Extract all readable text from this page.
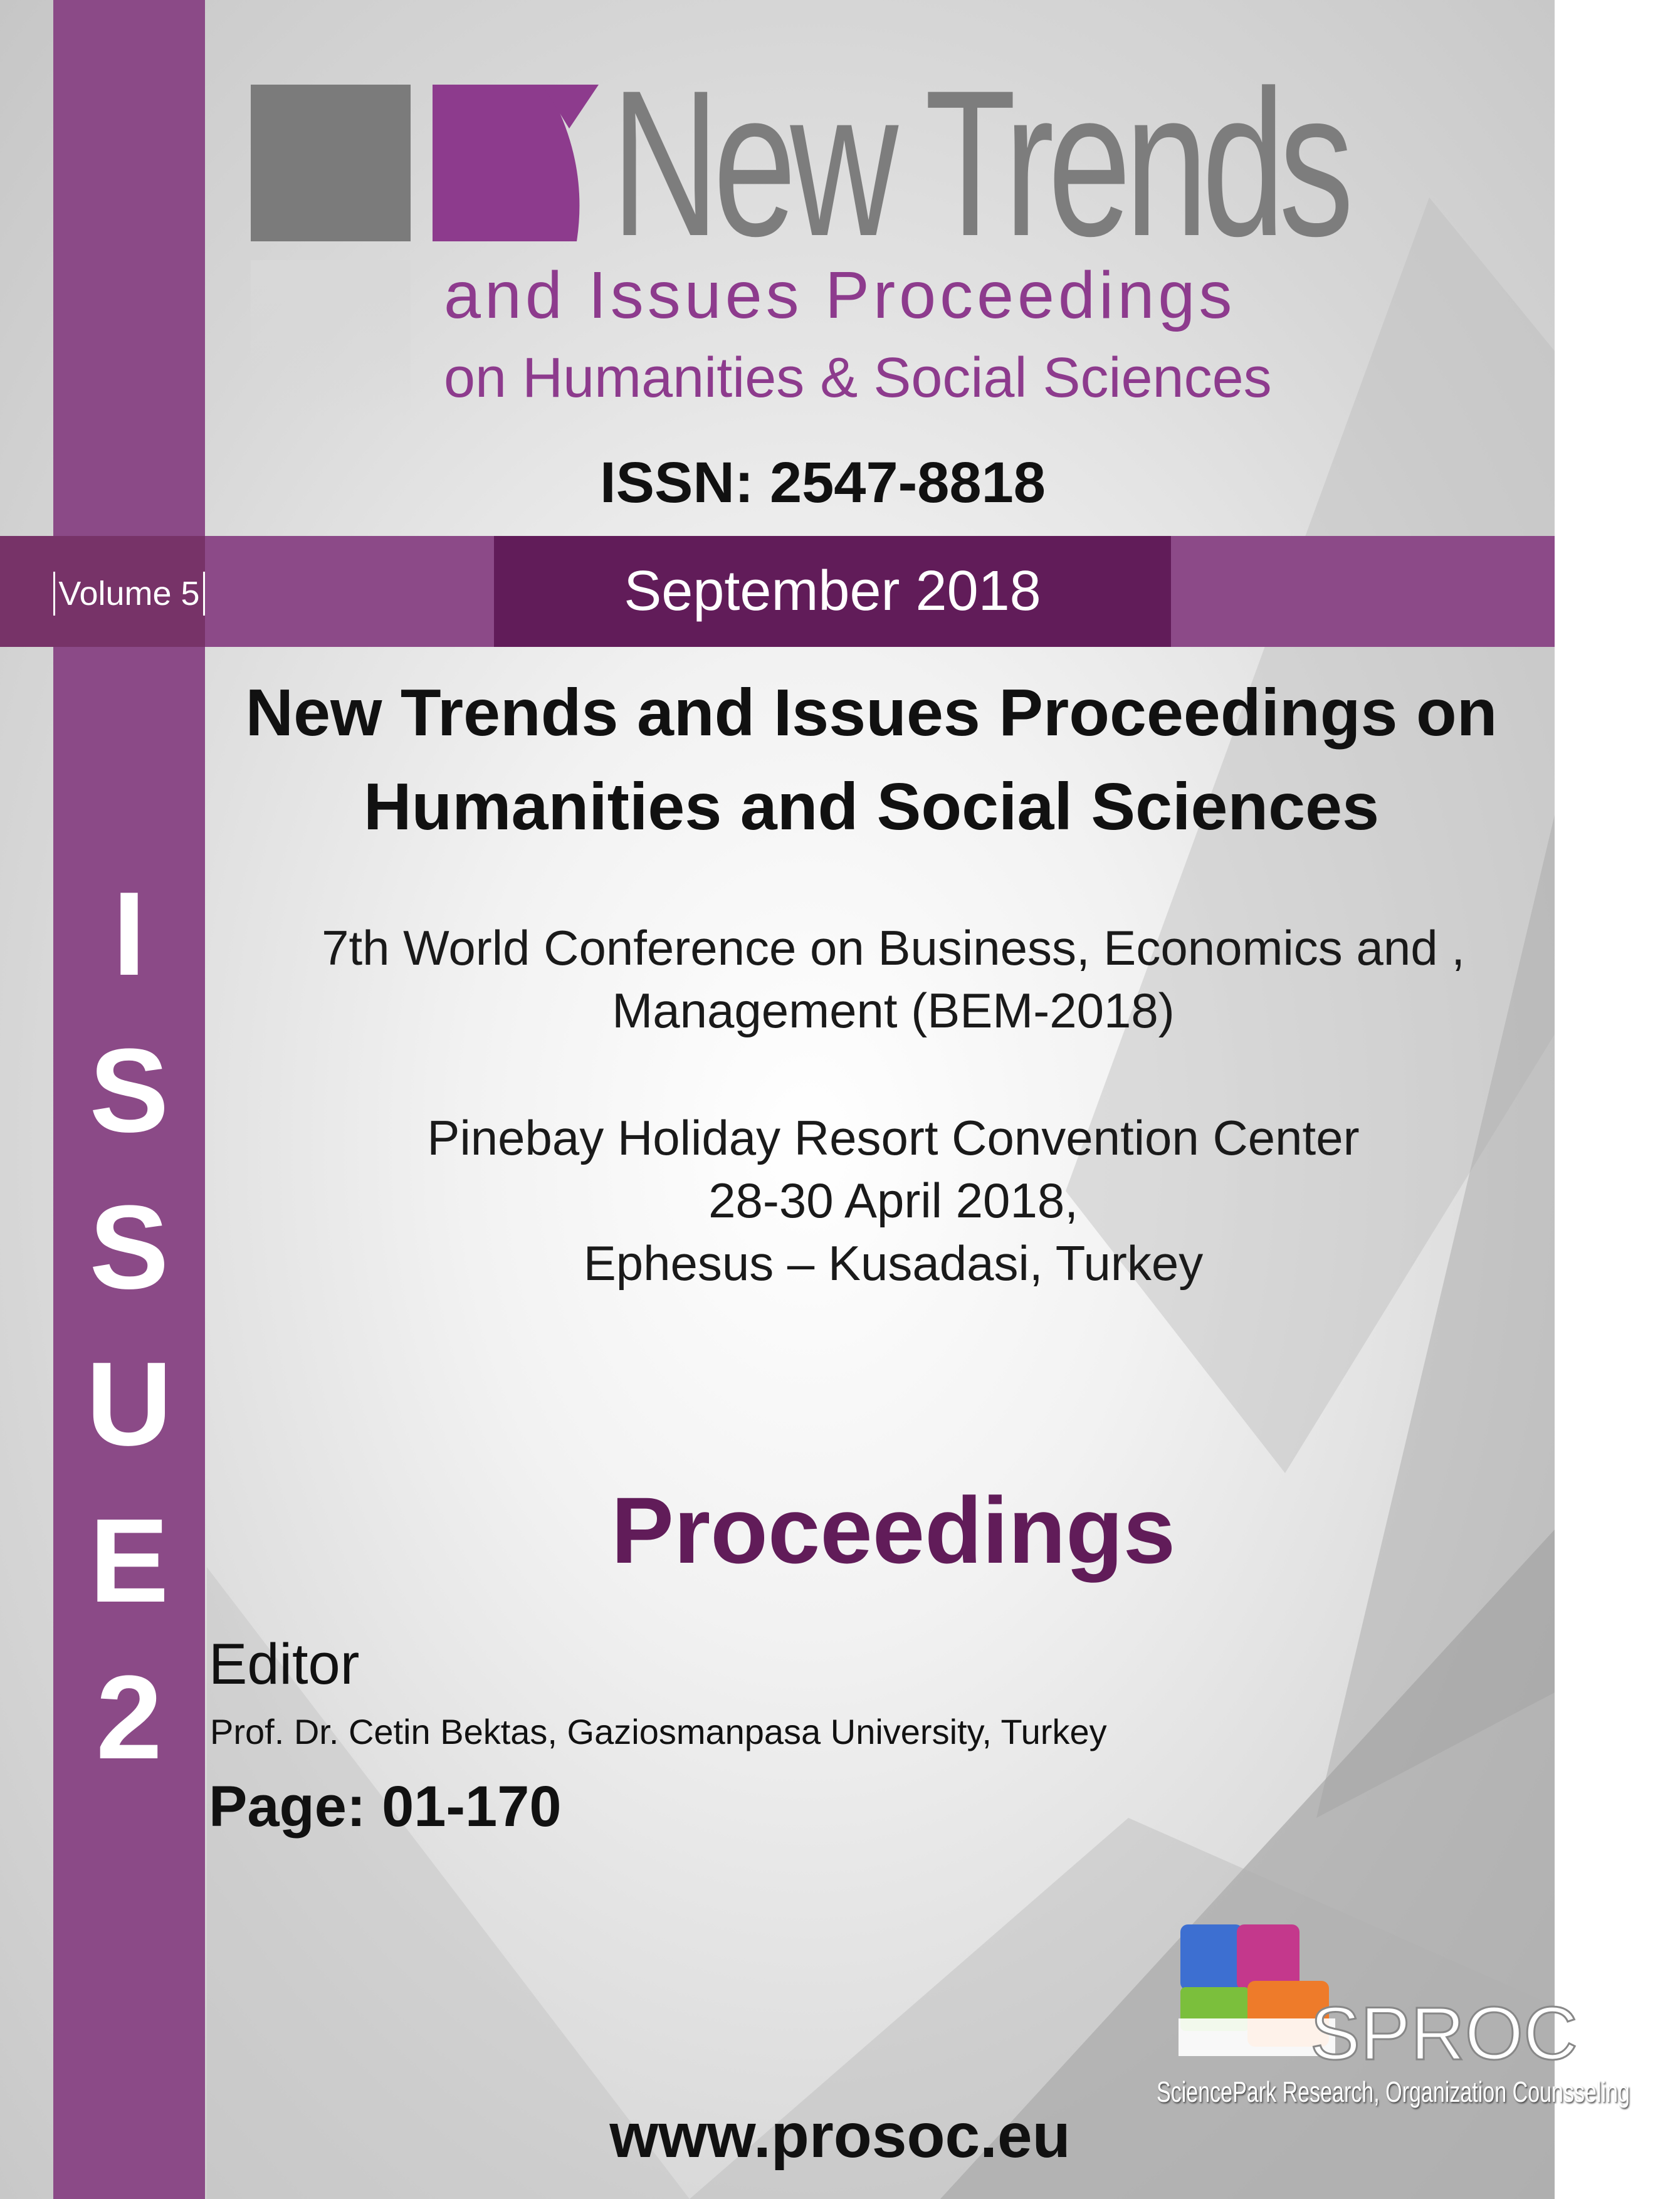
New Trends
and Issues Proceedings
on Humanities & Social Sciences
ISSN: 2547-8818
Volume 5	September 2018
I
S
S
U
E
2
New Trends and Issues Proceedings on Humanities and Social Sciences
7th World Conference on Business, Economics and ,
Management (BEM-2018)
Pinebay Holiday Resort Convention Center
28-30 April 2018,
Ephesus – Kusadasi, Turkey
Proceedings
Editor
Prof. Dr. Cetin Bektas, Gaziosmanpasa University, Turkey
Page: 01-170
SPROC
SciencePark Research, Organization Counsseling
www.prosoc.eu
